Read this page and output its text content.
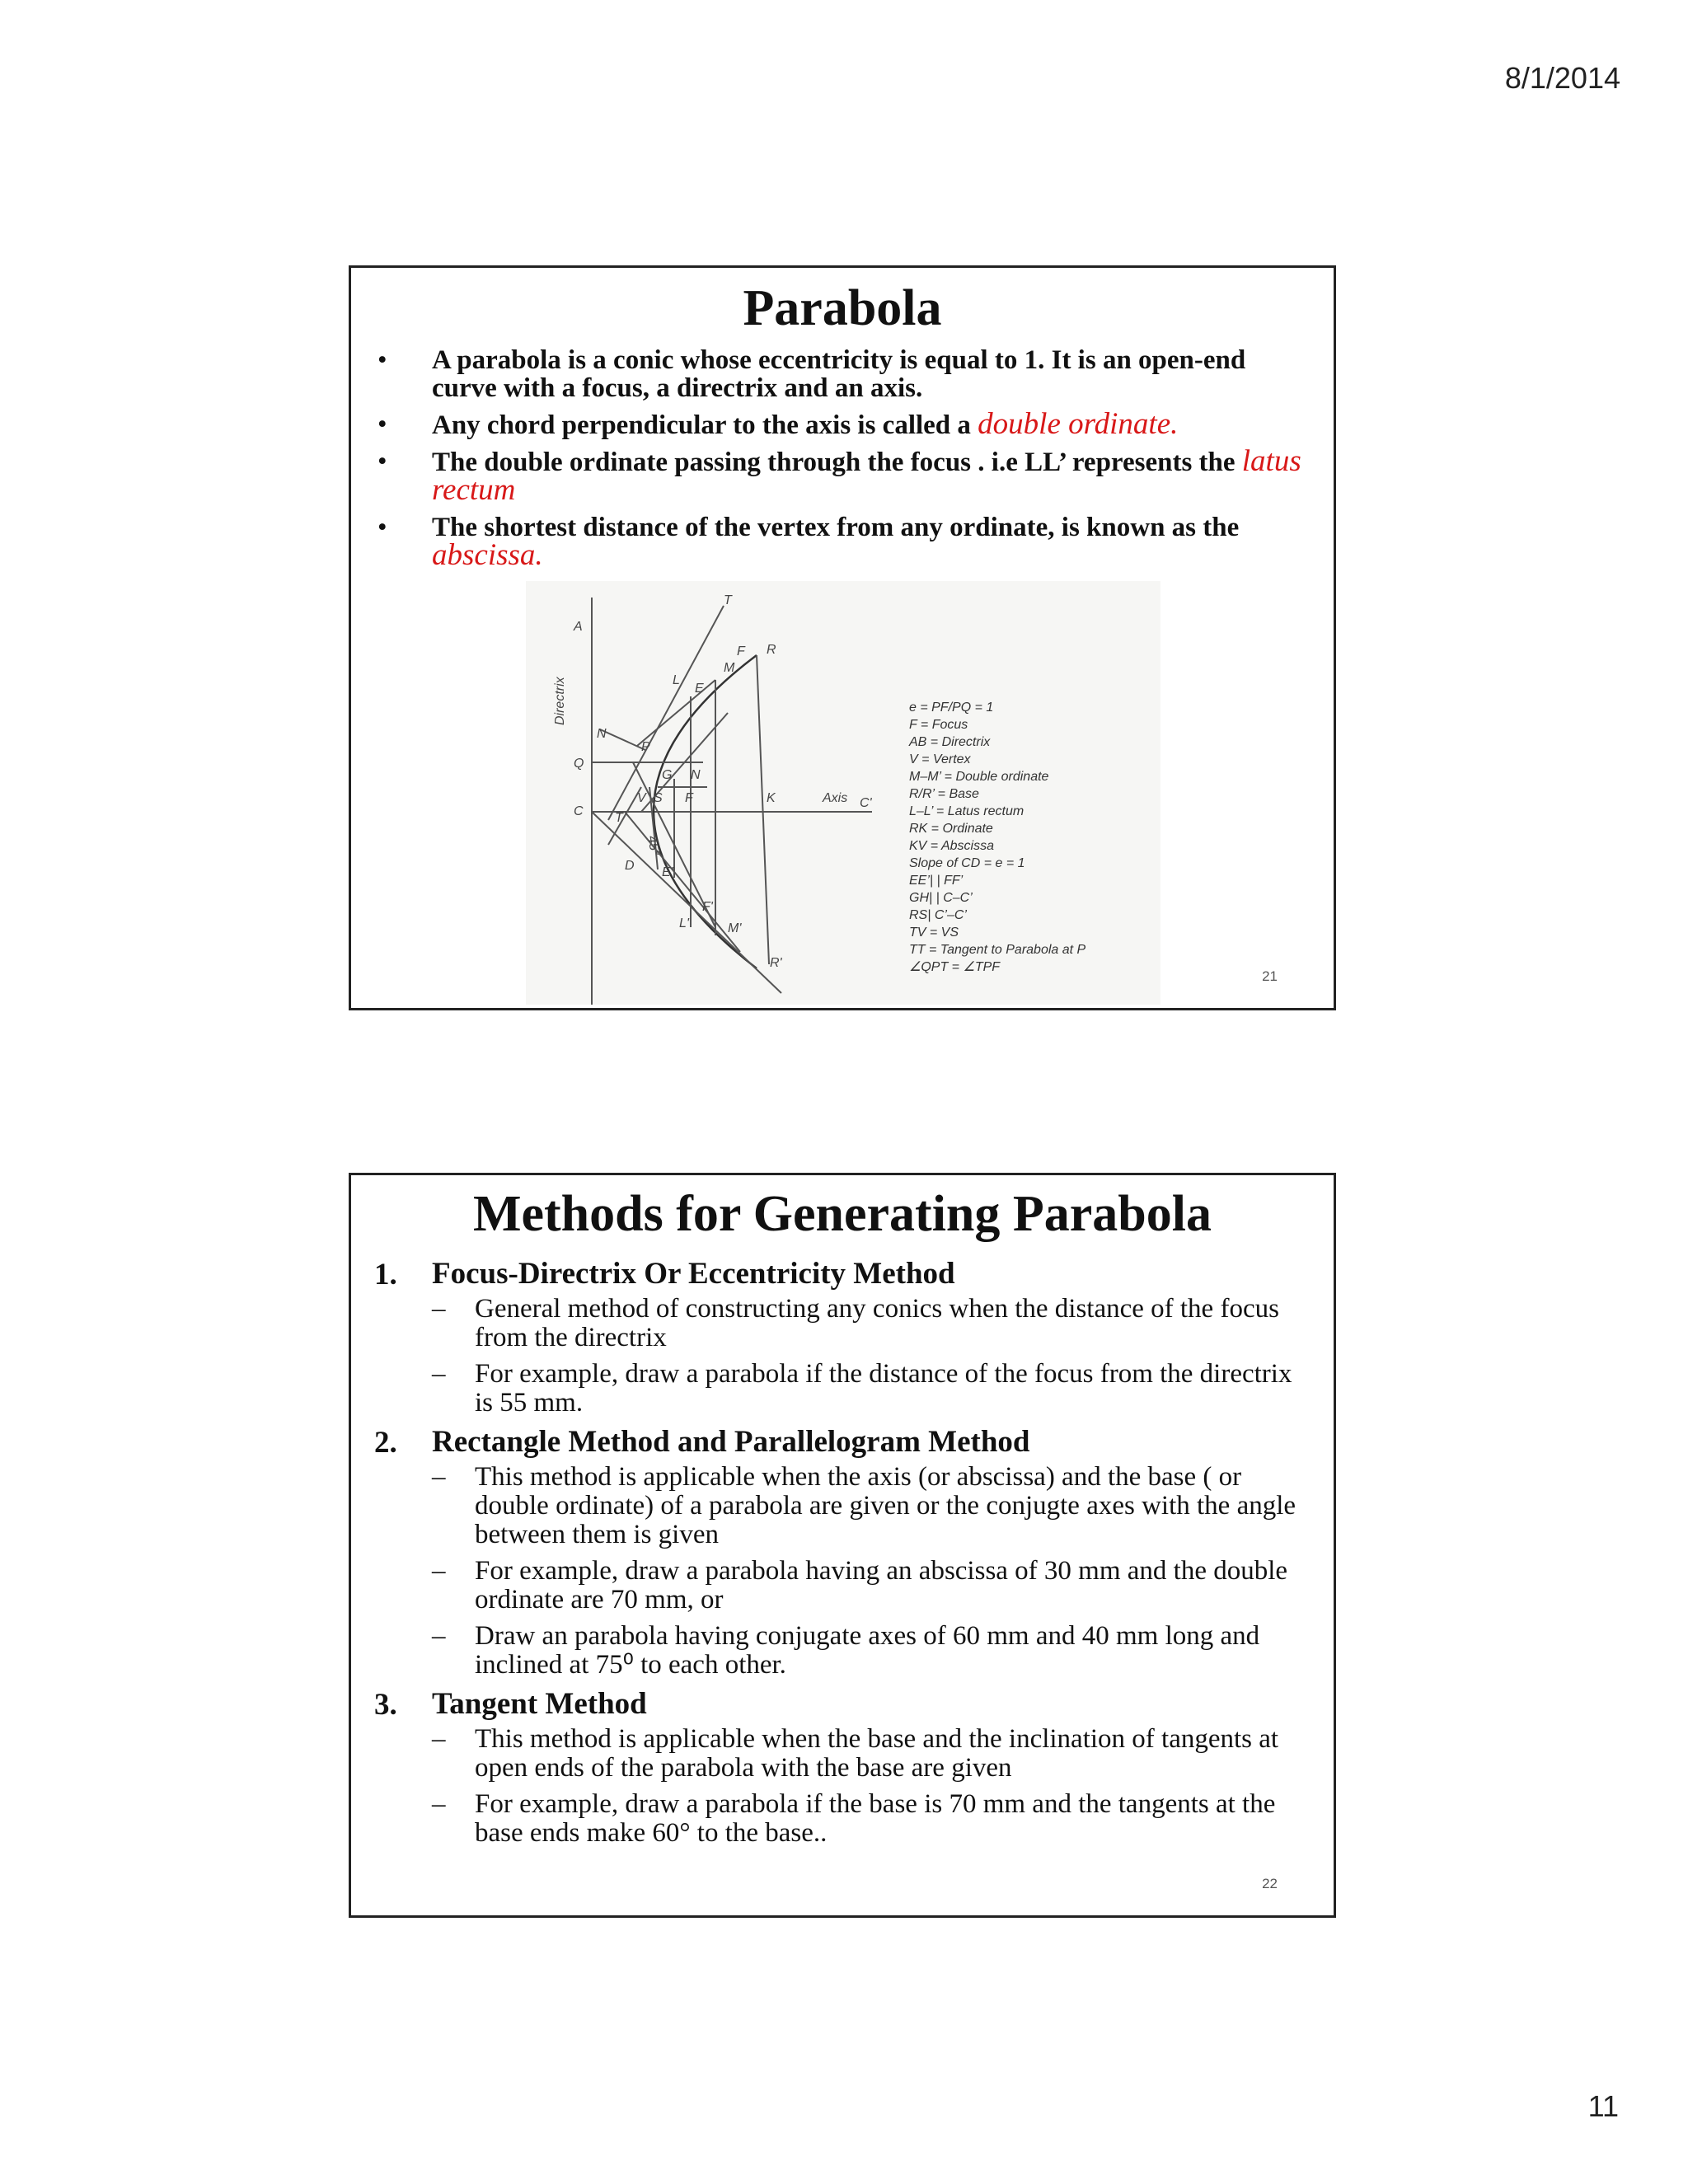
8/1/2014
Parabola
• A parabola is a conic whose eccentricity is equal to 1. It is an open-end curve with a focus, a directrix and an axis.
• Any chord perpendicular to the axis is called a double ordinate.
• The double ordinate passing through the focus . i.e LL’ represents the latus rectum
• The shortest distance of the vertex from any ordinate, is known as the abscissa.
A
Q
C
Directrix
N
P
G N
V S F	K	Axis C'
T
T
L
E
F
M
R
D E'
F'
L'	M'
R'
45°
e = PF/PQ = 1
F = Focus
AB = Directrix
V = Vertex
M–M’ = Double ordinate
R/R’ = Base
L–L’ = Latus rectum
RK = Ordinate
KV = Abscissa
Slope of CD = e = 1
EE’| | FF’
GH| | C–C’
RS| C’–C’
TV = VS
TT = Tangent to Parabola at P
∠QPT = ∠TPF
21
Methods for Generating Parabola
1. Focus-Directrix Or Eccentricity Method
– General method of constructing any conics when the distance of the focus from the directrix
– For example, draw a parabola if the distance of the focus from the directrix is 55 mm.
2. Rectangle Method and Parallelogram Method
– This method is applicable when the axis (or abscissa) and the base ( or double ordinate) of a parabola are given or the conjugte axes with the angle between them is given
– For example, draw a parabola having an abscissa of 30 mm and the double ordinate are 70 mm, or
– Draw an parabola having conjugate axes of 60 mm and 40 mm long and inclined at 75⁰ to each other.
3. Tangent Method
– This method is applicable when the base and the inclination of tangents at open ends of the parabola with the base are given
– For example, draw a parabola if the base is 70 mm and the tangents at the base ends make 60° to the base..
22
11
